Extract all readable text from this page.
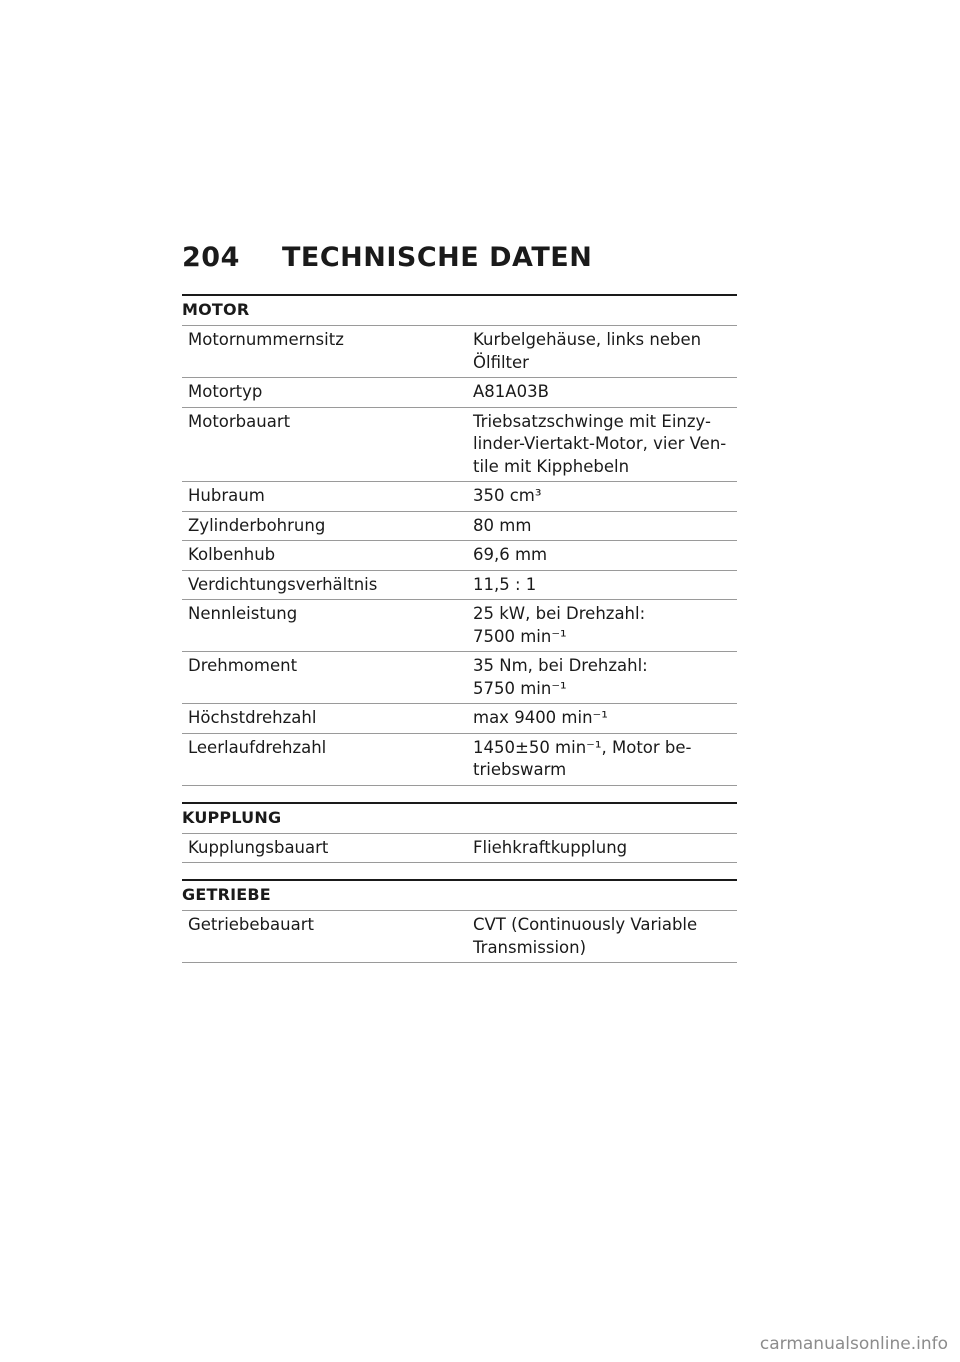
204 TECHNISCHE DATEN
MOTOR
Motornummernsitz	Kurbelgehäuse, links neben
Ölfilter
Motortyp	A81A03B
Motorbauart	Triebsatzschwinge mit Einzy-
linder-Viertakt-Motor, vier Ven-
tile mit Kipphebeln
Hubraum	350 cm³
Zylinderbohrung	80 mm
Kolbenhub	69,6 mm
Verdichtungsverhältnis	11,5 : 1
Nennleistung	25 kW, bei Drehzahl:
7500 min⁻¹
Drehmoment	35 Nm, bei Drehzahl:
5750 min⁻¹
Höchstdrehzahl	max 9400 min⁻¹
Leerlaufdrehzahl	1450±50 min⁻¹, Motor be-
triebswarm
KUPPLUNG
Kupplungsbauart	Fliehkraftkupplung
GETRIEBE
Getriebebauart	CVT (Continuously Variable
Transmission)
carmanualsonline.info
